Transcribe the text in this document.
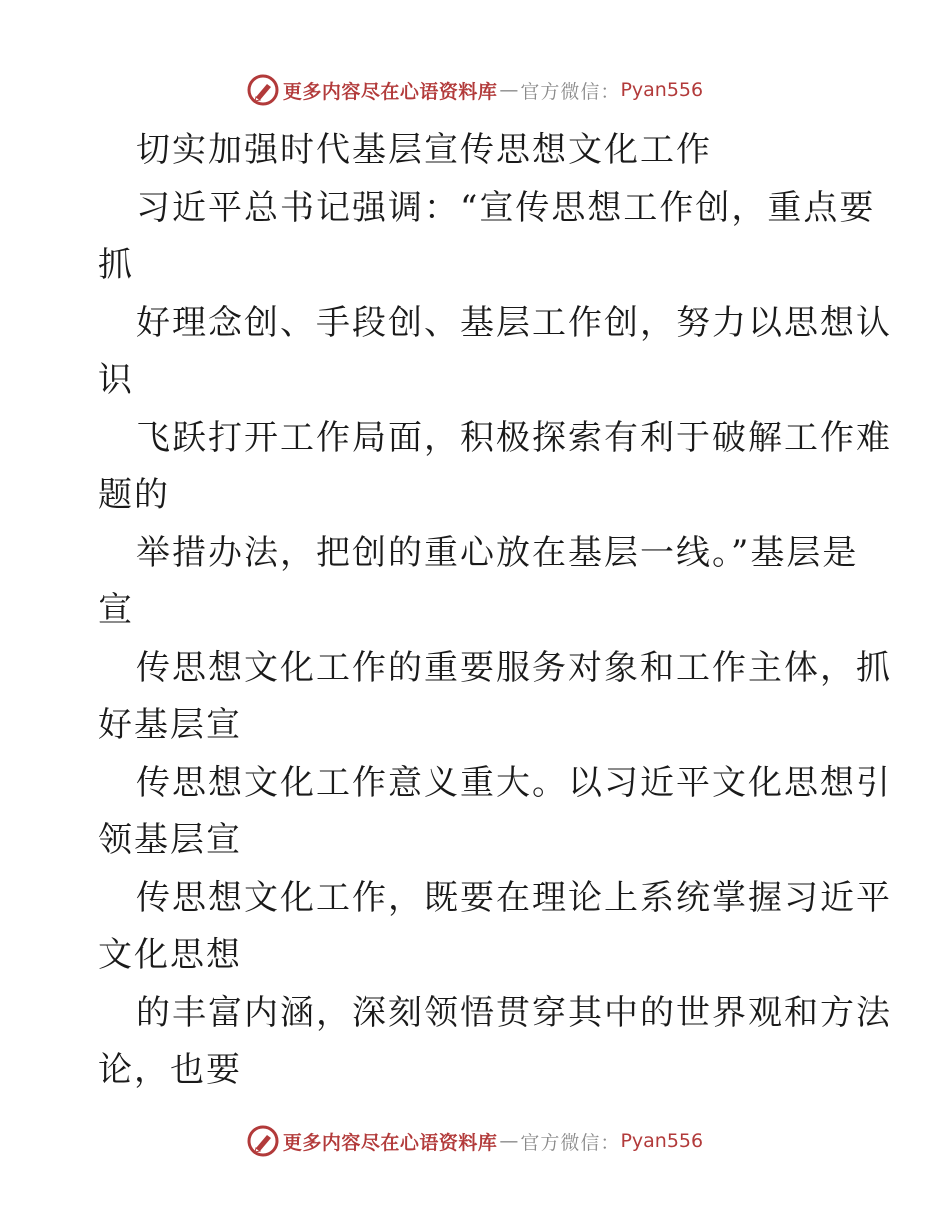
更多内容尽在心语资料库 — 官方微信： Pyan556
切实加强时代基层宣传思想文化工作
习近平总书记强调：“宣传思想工作创，重点要
抓
好理念创、手段创、基层工作创，努力以思想认
识
飞跃打开工作局面，积极探索有利于破解工作难
题的
举措办法，把创的重心放在基层一线。”基层是
宣
传思想文化工作的重要服务对象和工作主体，抓
好基层宣
传思想文化工作意义重大。以习近平文化思想引
领基层宣
传思想文化工作，既要在理论上系统掌握习近平
文化思想
的丰富内涵，深刻领悟贯穿其中的世界观和方法
论，也要
更多内容尽在心语资料库 — 官方微信： Pyan556
